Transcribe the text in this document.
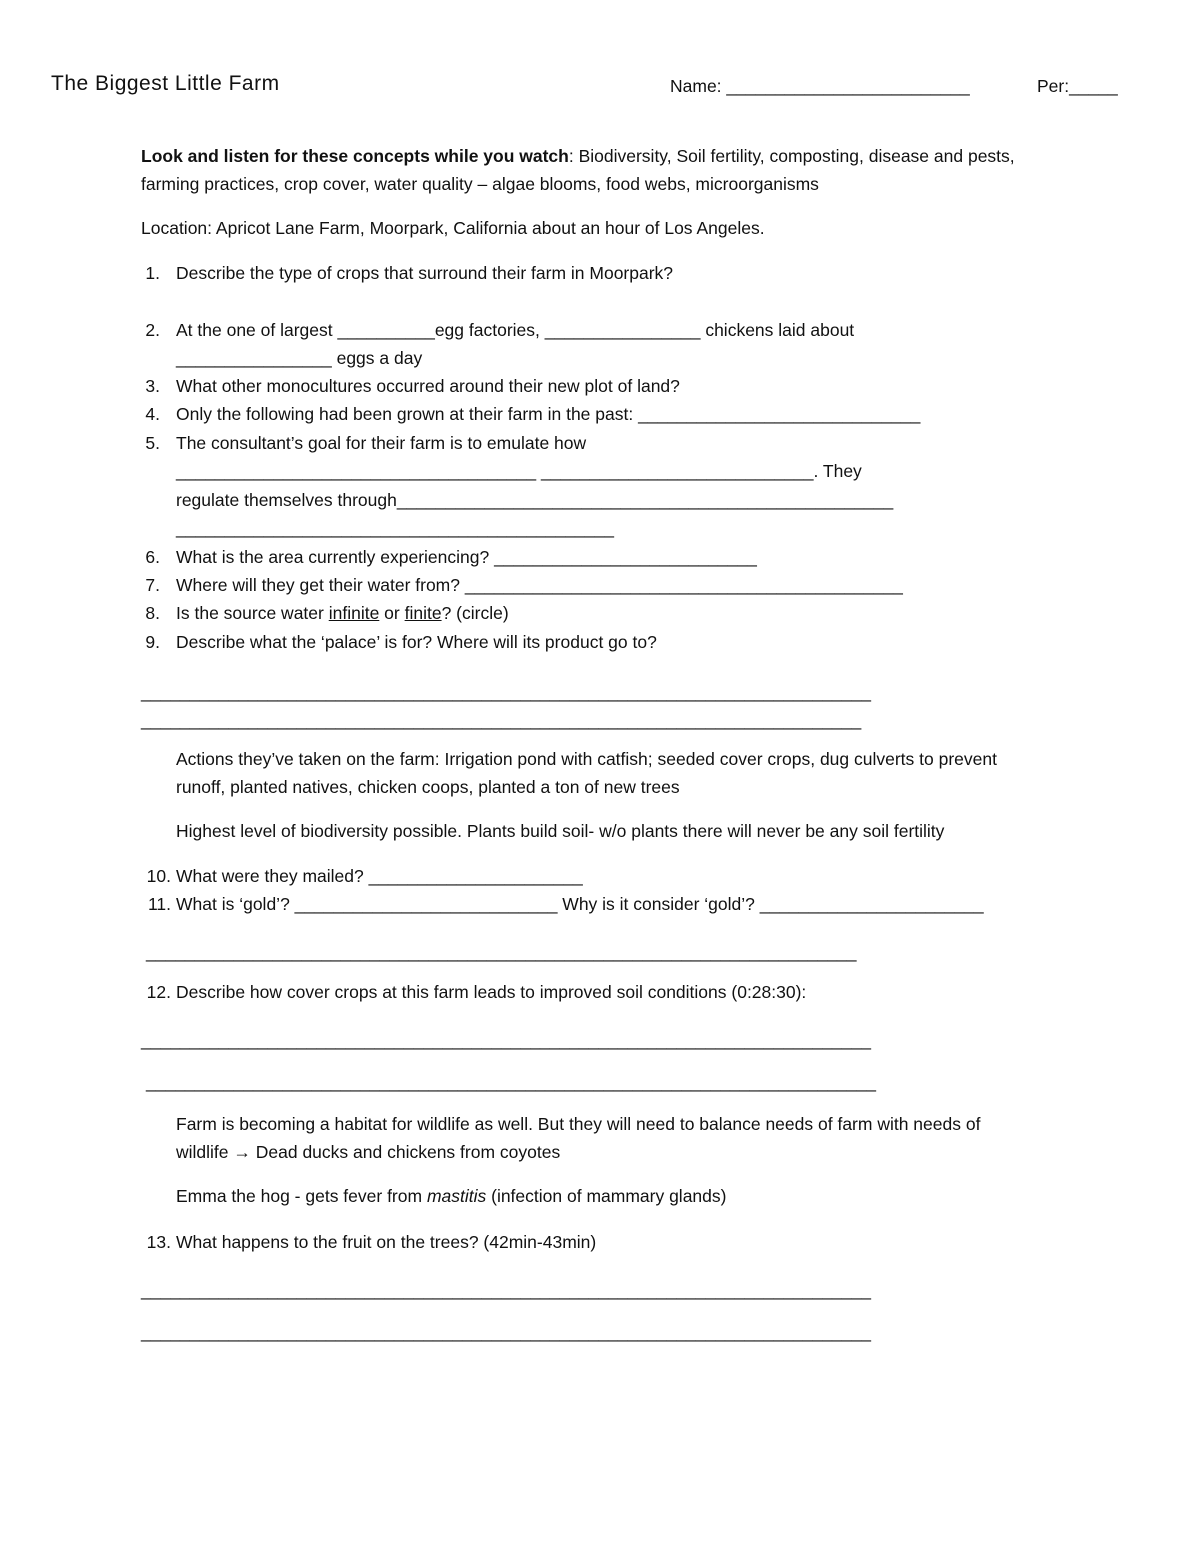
The Biggest Little Farm	Name: _________________________	Per:_____
Look and listen for these concepts while you watch: Biodiversity, Soil fertility, composting, disease and pests,
farming practices, crop cover, water quality – algae blooms, food webs, microorganisms
Location: Apricot Lane Farm, Moorpark, California about an hour of Los Angeles.
1. Describe the type of crops that surround their farm in Moorpark?
2. At the one of largest __________egg factories, ________________ chickens laid about
________________ eggs a day
3. What other monocultures occurred around their new plot of land?
4. Only the following had been grown at their farm in the past: _____________________________
5. The consultant’s goal for their farm is to emulate how
_____________________________________ ____________________________. They
regulate themselves through___________________________________________________
_____________________________________________
6. What is the area currently experiencing? ___________________________
7. Where will they get their water from? _____________________________________________
8. Is the source water infinite or finite? (circle)
9. Describe what the ‘palace’ is for? Where will its product go to?
___________________________________________________________________________
__________________________________________________________________________
Actions they’ve taken on the farm: Irrigation pond with catfish; seeded cover crops, dug culverts to prevent
runoff, planted natives, chicken coops, planted a ton of new trees
Highest level of biodiversity possible. Plants build soil- w/o plants there will never be any soil fertility
10. What were they mailed? ______________________
11. What is ‘gold’? ___________________________ Why is it consider ‘gold’? _______________________
_________________________________________________________________________
12. Describe how cover crops at this farm leads to improved soil conditions (0:28:30):
___________________________________________________________________________
___________________________________________________________________________
Farm is becoming a habitat for wildlife as well. But they will need to balance needs of farm with needs of
wildlife → Dead ducks and chickens from coyotes
Emma the hog - gets fever from mastitis (infection of mammary glands)
13. What happens to the fruit on the trees? (42min-43min)
___________________________________________________________________________
___________________________________________________________________________
